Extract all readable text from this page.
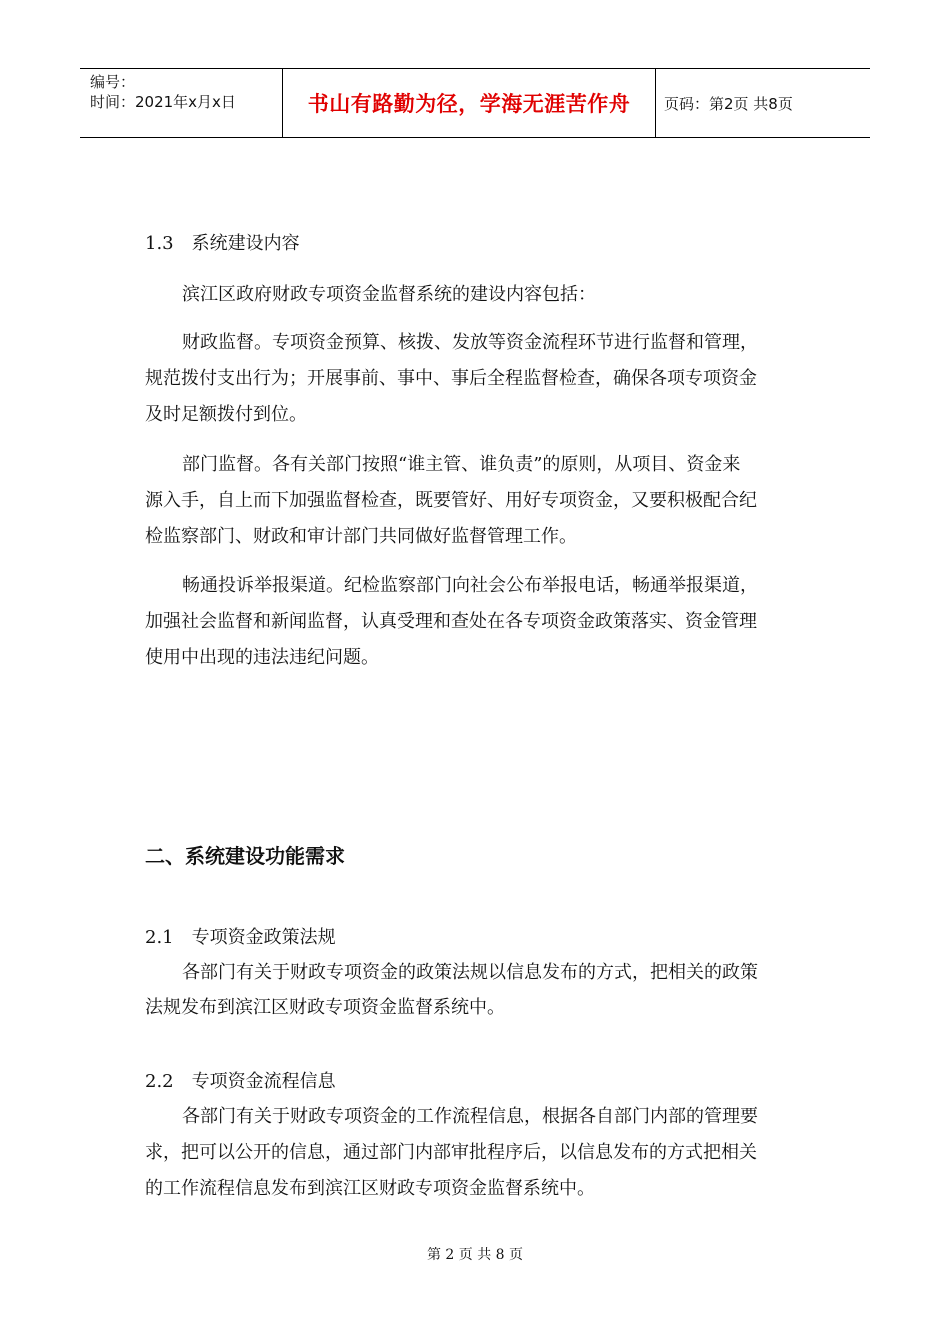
编号：
时间：2021年x月x日	书山有路勤为径，学海无涯苦作舟	页码：第2页 共8页
1.3　系统建设内容
滨江区政府财政专项资金监督系统的建设内容包括：
财政监督。专项资金预算、核拨、发放等资金流程环节进行监督和管理，
规范拨付支出行为；开展事前、事中、事后全程监督检查，确保各项专项资金
及时足额拨付到位。
部门监督。各有关部门按照“谁主管、谁负责”的原则，从项目、资金来
源入手，自上而下加强监督检查，既要管好、用好专项资金，又要积极配合纪
检监察部门、财政和审计部门共同做好监督管理工作。
畅通投诉举报渠道。纪检监察部门向社会公布举报电话，畅通举报渠道，
加强社会监督和新闻监督，认真受理和查处在各专项资金政策落实、资金管理
使用中出现的违法违纪问题。
二、系统建设功能需求
2.1　专项资金政策法规
各部门有关于财政专项资金的政策法规以信息发布的方式，把相关的政策
法规发布到滨江区财政专项资金监督系统中。
2.2　专项资金流程信息
各部门有关于财政专项资金的工作流程信息，根据各自部门内部的管理要
求，把可以公开的信息，通过部门内部审批程序后，以信息发布的方式把相关
的工作流程信息发布到滨江区财政专项资金监督系统中。
第 2 页 共 8 页
